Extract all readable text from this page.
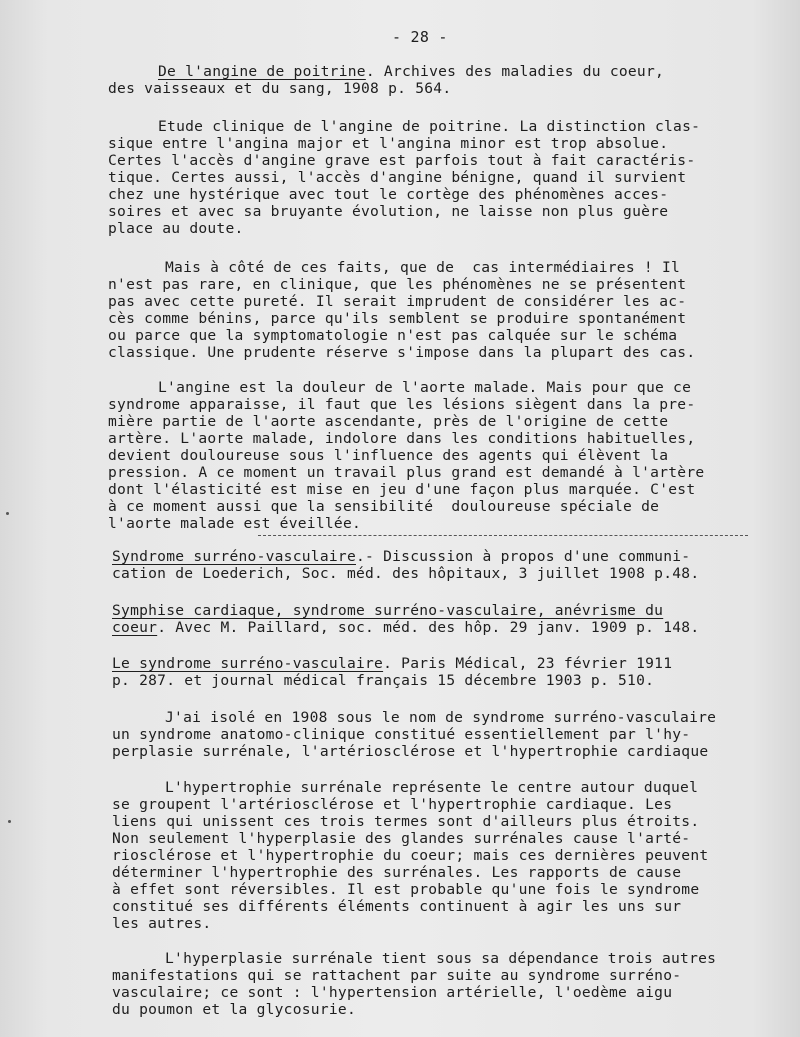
- 28 -
De l'angine de poitrine. Archives des maladies du coeur,
des vaisseaux et du sang, 1908 p. 564.
Etude clinique de l'angine de poitrine. La distinction clas-
sique entre l'angina major et l'angina minor est trop absolue.
Certes l'accès d'angine grave est parfois tout à fait caractéris-
tique. Certes aussi, l'accès d'angine bénigne, quand il survient
chez une hystérique avec tout le cortège des phénomènes acces-
soires et avec sa bruyante évolution, ne laisse non plus guère
place au doute.
Mais à côté de ces faits, que de  cas intermédiaires ! Il
n'est pas rare, en clinique, que les phénomènes ne se présentent
pas avec cette pureté. Il serait imprudent de considérer les ac-
cès comme bénins, parce qu'ils semblent se produire spontanément
ou parce que la symptomatologie n'est pas calquée sur le schéma
classique. Une prudente réserve s'impose dans la plupart des cas.
L'angine est la douleur de l'aorte malade. Mais pour que ce
syndrome apparaisse, il faut que les lésions siègent dans la pre-
mière partie de l'aorte ascendante, près de l'origine de cette
artère. L'aorte malade, indolore dans les conditions habituelles,
devient douloureuse sous l'influence des agents qui élèvent la
pression. A ce moment un travail plus grand est demandé à l'artère
dont l'élasticité est mise en jeu d'une façon plus marquée. C'est
à ce moment aussi que la sensibilité  douloureuse spéciale de
l'aorte malade est éveillée.
Syndrome surréno-vasculaire.- Discussion à propos d'une communi-
cation de Loederich, Soc. méd. des hôpitaux, 3 juillet 1908 p.48.
Symphise cardiaque, syndrome surréno-vasculaire, anévrisme du
coeur. Avec M. Paillard, soc. méd. des hôp. 29 janv. 1909 p. 148.
Le syndrome surréno-vasculaire. Paris Médical, 23 février 1911
p. 287. et journal médical français 15 décembre 1903 p. 510.
J'ai isolé en 1908 sous le nom de syndrome surréno-vasculaire
un syndrome anatomo-clinique constitué essentiellement par l'hy-
perplasie surrénale, l'artériosclérose et l'hypertrophie cardiaque
L'hypertrophie surrénale représente le centre autour duquel
se groupent l'artériosclérose et l'hypertrophie cardiaque. Les
liens qui unissent ces trois termes sont d'ailleurs plus étroits.
Non seulement l'hyperplasie des glandes surrénales cause l'arté-
riosclérose et l'hypertrophie du coeur; mais ces dernières peuvent
déterminer l'hypertrophie des surrénales. Les rapports de cause
à effet sont réversibles. Il est probable qu'une fois le syndrome
constitué ses différents éléments continuent à agir les uns sur
les autres.
L'hyperplasie surrénale tient sous sa dépendance trois autres
manifestations qui se rattachent par suite au syndrome surréno-
vasculaire; ce sont : l'hypertension artérielle, l'oedème aigu
du poumon et la glycosurie.
